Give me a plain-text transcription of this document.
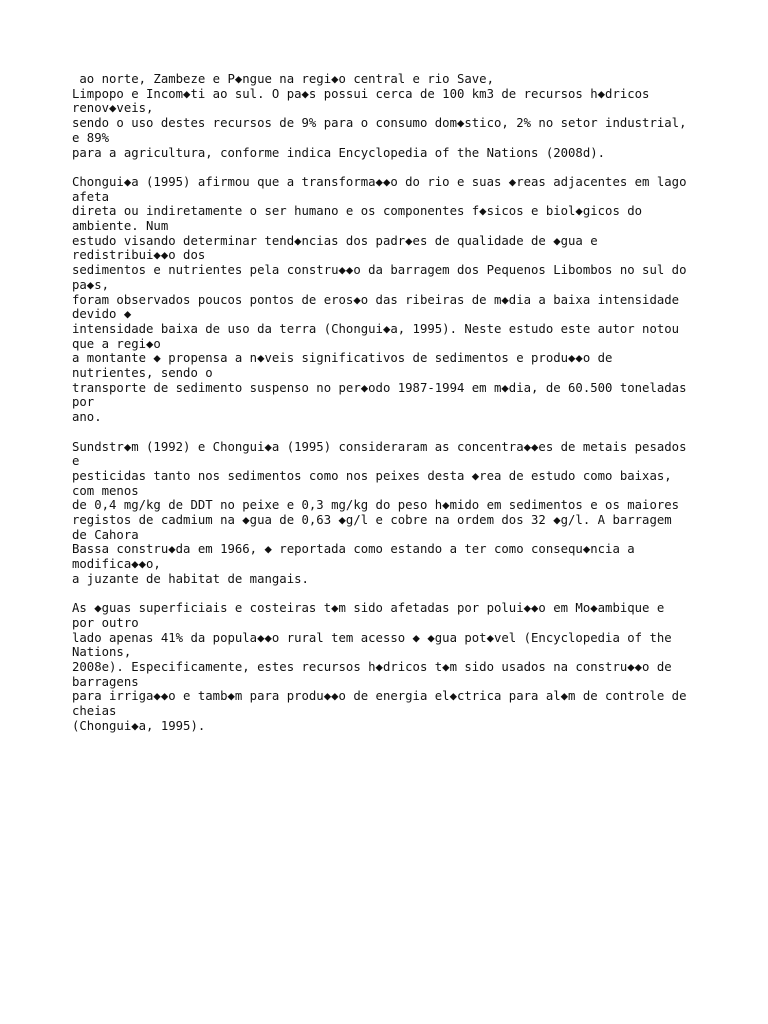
ao norte, Zambeze e P◆ngue na regi◆o central e rio Save,
Limpopo e Incom◆ti ao sul. O pa◆s possui cerca de 100 km3 de recursos h◆dricos
renov◆veis,
sendo o uso destes recursos de 9% para o consumo dom◆stico, 2% no setor industrial,
e 89%
para a agricultura, conforme indica Encyclopedia of the Nations (2008d).
Chongui◆a (1995) afirmou que a transforma◆◆o do rio e suas ◆reas adjacentes em lago
afeta
direta ou indiretamente o ser humano e os componentes f◆sicos e biol◆gicos do
ambiente. Num
estudo visando determinar tend◆ncias dos padr◆es de qualidade de ◆gua e
redistribui◆◆o dos
sedimentos e nutrientes pela constru◆◆o da barragem dos Pequenos Libombos no sul do
pa◆s,
foram observados poucos pontos de eros◆o das ribeiras de m◆dia a baixa intensidade
devido ◆
intensidade baixa de uso da terra (Chongui◆a, 1995). Neste estudo este autor notou
que a regi◆o
a montante ◆ propensa a n◆veis significativos de sedimentos e produ◆◆o de
nutrientes, sendo o
transporte de sedimento suspenso no per◆odo 1987-1994 em m◆dia, de 60.500 toneladas
por
ano.
Sundstr◆m (1992) e Chongui◆a (1995) consideraram as concentra◆◆es de metais pesados
e
pesticidas tanto nos sedimentos como nos peixes desta ◆rea de estudo como baixas,
com menos
de 0,4 mg/kg de DDT no peixe e 0,3 mg/kg do peso h◆mido em sedimentos e os maiores
registos de cadmium na ◆gua de 0,63 ◆g/l e cobre na ordem dos 32 ◆g/l. A barragem
de Cahora
Bassa constru◆da em 1966, ◆ reportada como estando a ter como consequ◆ncia a
modifica◆◆o,
a juzante de habitat de mangais.
As ◆guas superficiais e costeiras t◆m sido afetadas por polui◆◆o em Mo◆ambique e
por outro
lado apenas 41% da popula◆◆o rural tem acesso ◆ ◆gua pot◆vel (Encyclopedia of the
Nations,
2008e). Especificamente, estes recursos h◆dricos t◆m sido usados na constru◆◆o de
barragens
para irriga◆◆o e tamb◆m para produ◆◆o de energia el◆ctrica para al◆m de controle de
cheias
(Chongui◆a, 1995).
